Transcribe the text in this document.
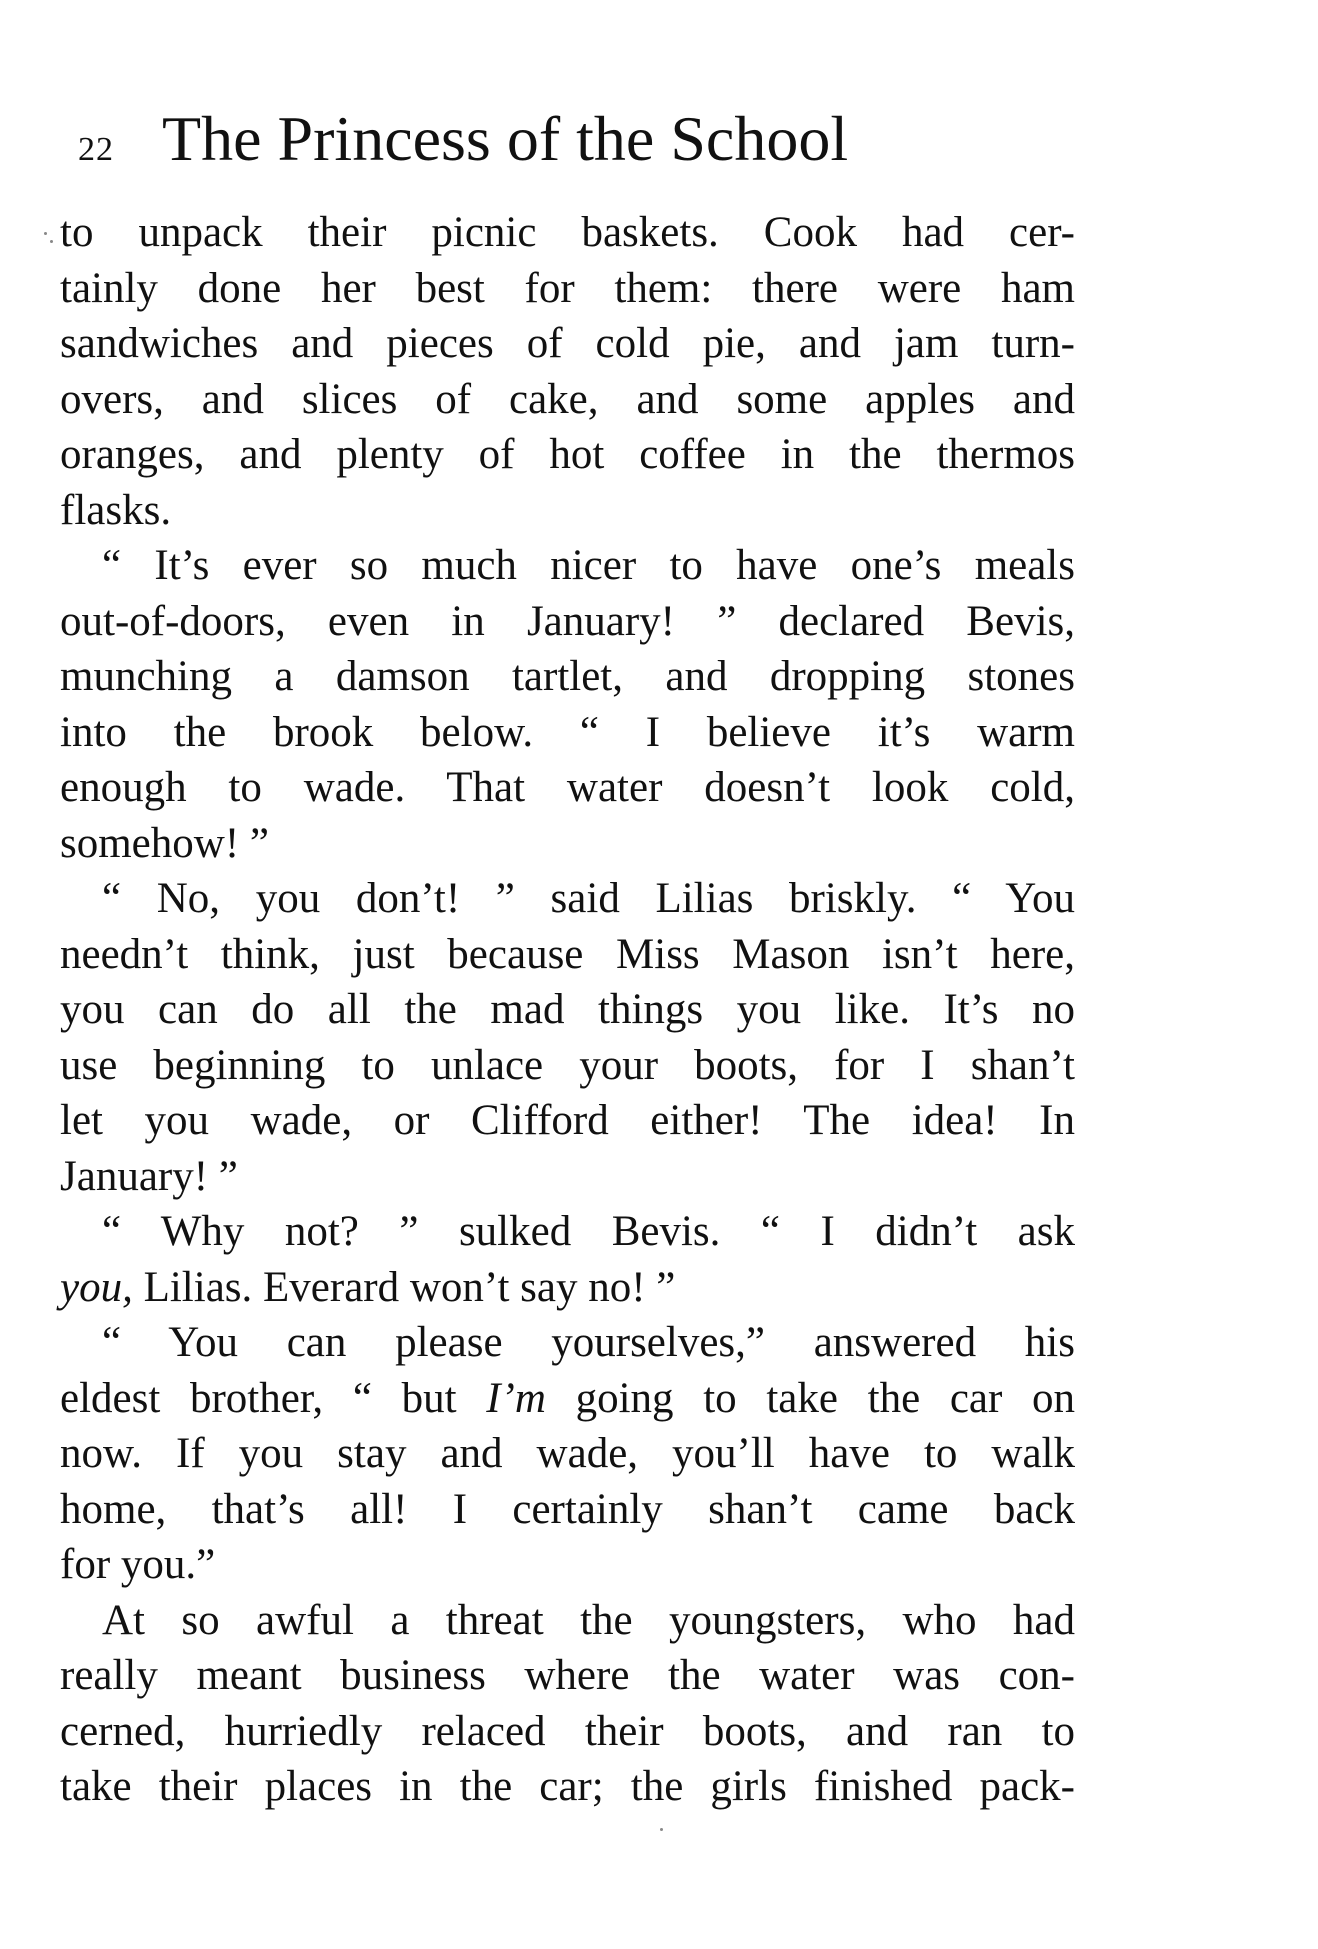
22 The Princess of the School
to unpack their picnic baskets. Cook had cer-
tainly done her best for them: there were ham
sandwiches and pieces of cold pie, and jam turn-
overs, and slices of cake, and some apples and
oranges, and plenty of hot coffee in the thermos
flasks.
“ It’s ever so much nicer to have one’s meals
out-of-doors, even in January! ” declared Bevis,
munching a damson tartlet, and dropping stones
into the brook below. “ I believe it’s warm
enough to wade. That water doesn’t look cold,
somehow! ”
“ No, you don’t! ” said Lilias briskly. “ You
needn’t think, just because Miss Mason isn’t here,
you can do all the mad things you like. It’s no
use beginning to unlace your boots, for I shan’t
let you wade, or Clifford either! The idea! In
January! ”
“ Why not? ” sulked Bevis. “ I didn’t ask
you, Lilias. Everard won’t say no! ”
“ You can please yourselves,” answered his
eldest brother, “ but I’m going to take the car on
now. If you stay and wade, you’ll have to walk
home, that’s all! I certainly shan’t came back
for you.”
At so awful a threat the youngsters, who had
really meant business where the water was con-
cerned, hurriedly relaced their boots, and ran to
take their places in the car; the girls finished pack-
